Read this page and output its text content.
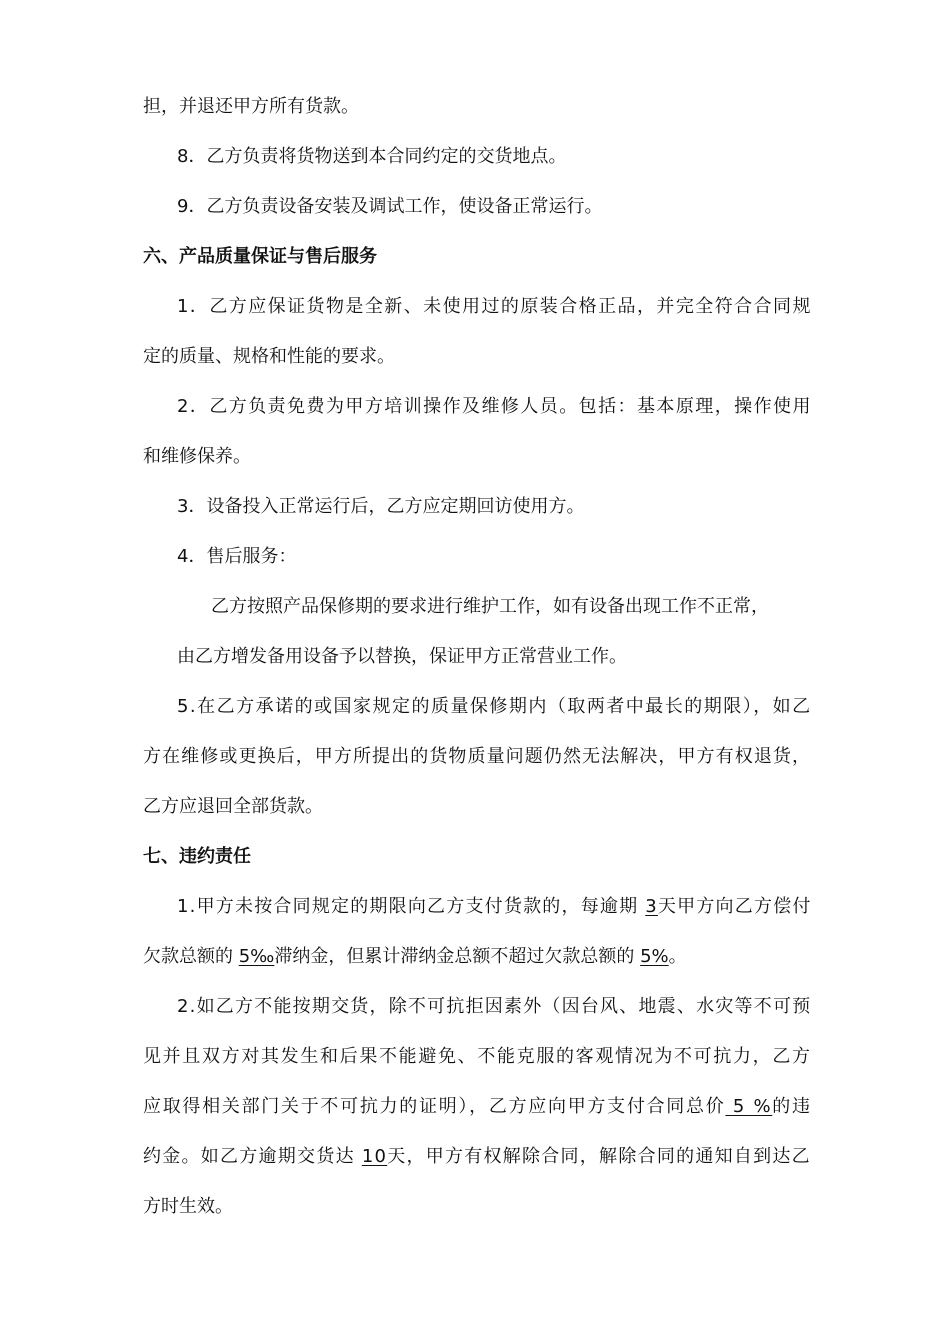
担，并退还甲方所有货款。
8．乙方负责将货物送到本合同约定的交货地点。
9．乙方负责设备安装及调试工作，使设备正常运行。
六、产品质量保证与售后服务
1．乙方应保证货物是全新、未使用过的原装合格正品，并完全符合合同规
定的质量、规格和性能的要求。
2．乙方负责免费为甲方培训操作及维修人员。包括：基本原理，操作使用
和维修保养。
3．设备投入正常运行后，乙方应定期回访使用方。
4．售后服务：
乙方按照产品保修期的要求进行维护工作，如有设备出现工作不正常，
由乙方增发备用设备予以替换，保证甲方正常营业工作。
5.在乙方承诺的或国家规定的质量保修期内（取两者中最长的期限），如乙
方在维修或更换后，甲方所提出的货物质量问题仍然无法解决，甲方有权退货，
乙方应退回全部货款。
七、违约责任
1.甲方未按合同规定的期限向乙方支付货款的，每逾期 3天甲方向乙方偿付
欠款总额的 5‰滞纳金，但累计滞纳金总额不超过欠款总额的 5%。
2.如乙方不能按期交货，除不可抗拒因素外（因台风、地震、水灾等不可预
见并且双方对其发生和后果不能避免、不能克服的客观情况为不可抗力，乙方
应取得相关部门关于不可抗力的证明），乙方应向甲方支付合同总价 5 %的违
约金。如乙方逾期交货达 10天，甲方有权解除合同，解除合同的通知自到达乙
方时生效。
